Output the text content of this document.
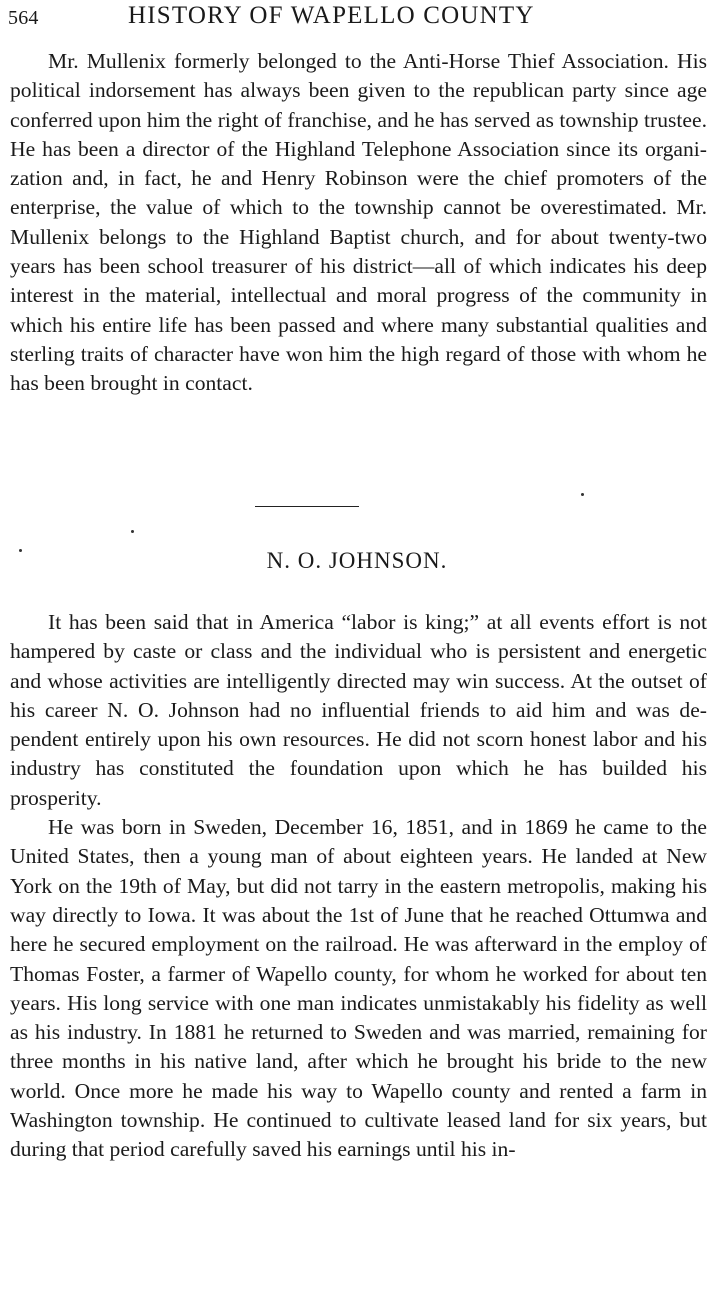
564	HISTORY OF WAPELLO COUNTY

Mr. Mullenix formerly belonged to the Anti-Horse Thief Association. His political indorsement has always been given to the republican party since age conferred upon him the right of franchise, and he has served as township trustee. He has been a director of the Highland Telephone Association since its organization and, in fact, he and Henry Robinson were the chief promoters of the enterprise, the value of which to the township cannot be overestimated. Mr. Mullenix belongs to the Highland Baptist church, and for about twenty-two years has been school treasurer of his district—all of which indicates his deep interest in the material, intellectual and moral progress of the community in which his entire life has been passed and where many substantial qualities and sterling traits of character have won him the high regard of those with whom he has been brought in contact.

N. O. JOHNSON.

It has been said that in America “labor is king;” at all events effort is not hampered by caste or class and the individual who is persistent and energetic and whose activities are intelligently directed may win success. At the outset of his career N. O. Johnson had no influential friends to aid him and was dependent entirely upon his own resources. He did not scorn honest labor and his industry has constituted the foundation upon which he has builded his prosperity.

He was born in Sweden, December 16, 1851, and in 1869 he came to the United States, then a young man of about eighteen years. He landed at New York on the 19th of May, but did not tarry in the eastern metropolis, making his way directly to Iowa. It was about the 1st of June that he reached Ottumwa and here he secured employment on the railroad. He was afterward in the employ of Thomas Foster, a farmer of Wapello county, for whom he worked for about ten years. His long service with one man indicates unmistakably his fidelity as well as his industry. In 1881 he returned to Sweden and was married, remaining for three months in his native land, after which he brought his bride to the new world. Once more he made his way to Wapello county and rented a farm in Washington township. He continued to cultivate leased land for six years, but during that period carefully saved his earnings until his in-
